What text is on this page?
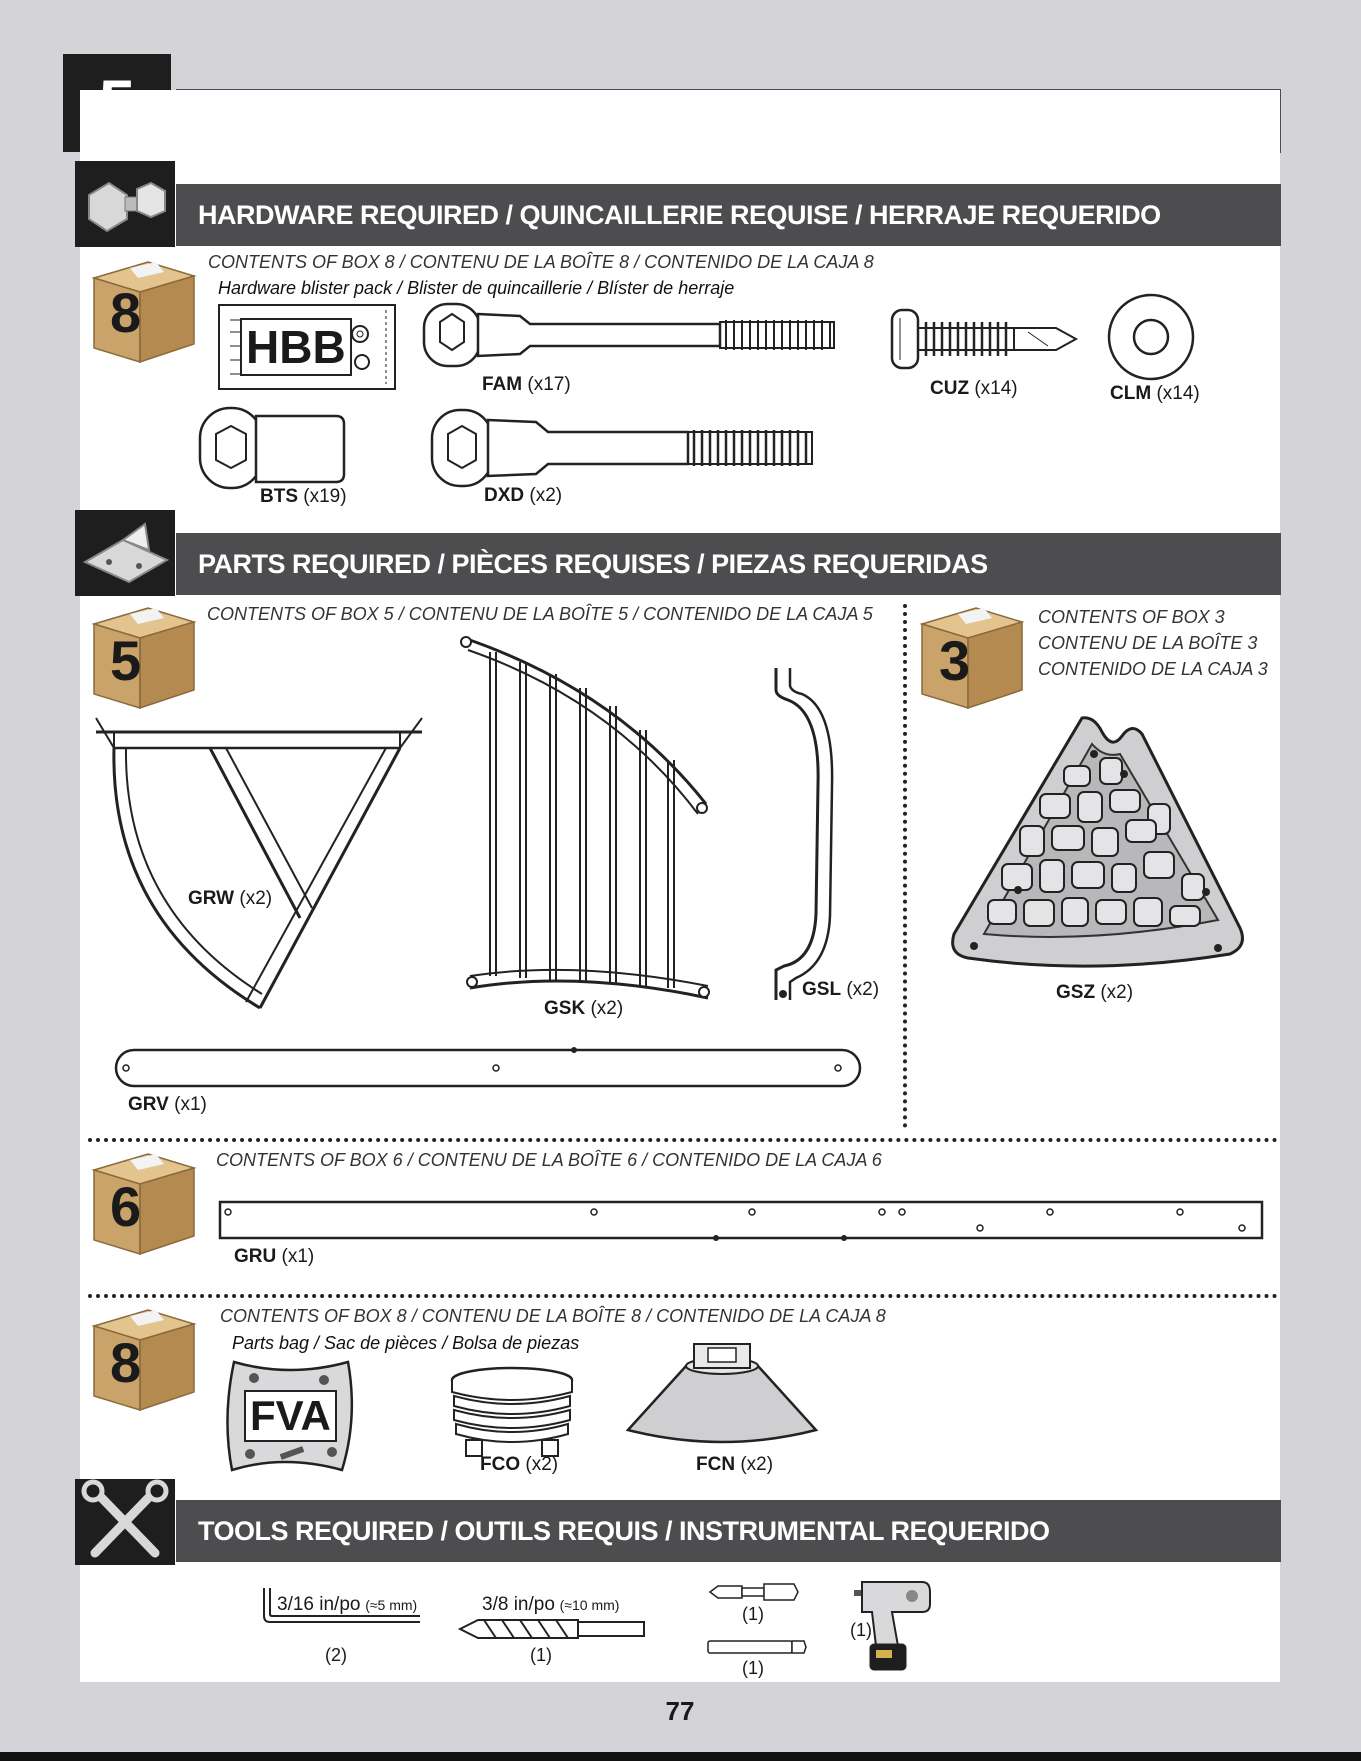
HARDWARE REQUIRED / QUINCAILLERIE REQUISE / HERRAJE REQUERIDO
8
CONTENTS OF BOX 8 / CONTENU DE LA BOÎTE 8 / CONTENIDO DE LA CAJA 8
Hardware blister pack / Blister de quincaillerie / Blíster de herraje
HBB
FAM (x17)	CUZ (x14)	CLM (x14)
BTS (x19)	DXD (x2)
PARTS REQUIRED / PIÈCES REQUISES / PIEZAS REQUERIDAS
5
CONTENTS OF BOX 5 / CONTENU DE LA BOÎTE 5 / CONTENIDO DE LA CAJA 5
GRW (x2)
GSK (x2)
GSL (x2)
GRV (x1)
3
CONTENTS OF BOX 3
CONTENU DE LA BOÎTE 3
CONTENIDO DE LA CAJA 3
GSZ (x2)
6
CONTENTS OF BOX 6 / CONTENU DE LA BOÎTE 6 / CONTENIDO DE LA CAJA 6
GRU (x1)
8
CONTENTS OF BOX 8 / CONTENU DE LA BOÎTE 8 / CONTENIDO DE LA CAJA 8
Parts bag / Sac de pièces / Bolsa de piezas
FVA
FCO (x2)	FCN (x2)
TOOLS REQUIRED / OUTILS REQUIS / INSTRUMENTAL REQUERIDO
3/16 in/po (≈5 mm)
(2)
3/8 in/po (≈10 mm)
(1)
(1)
(1)
(1)
77
